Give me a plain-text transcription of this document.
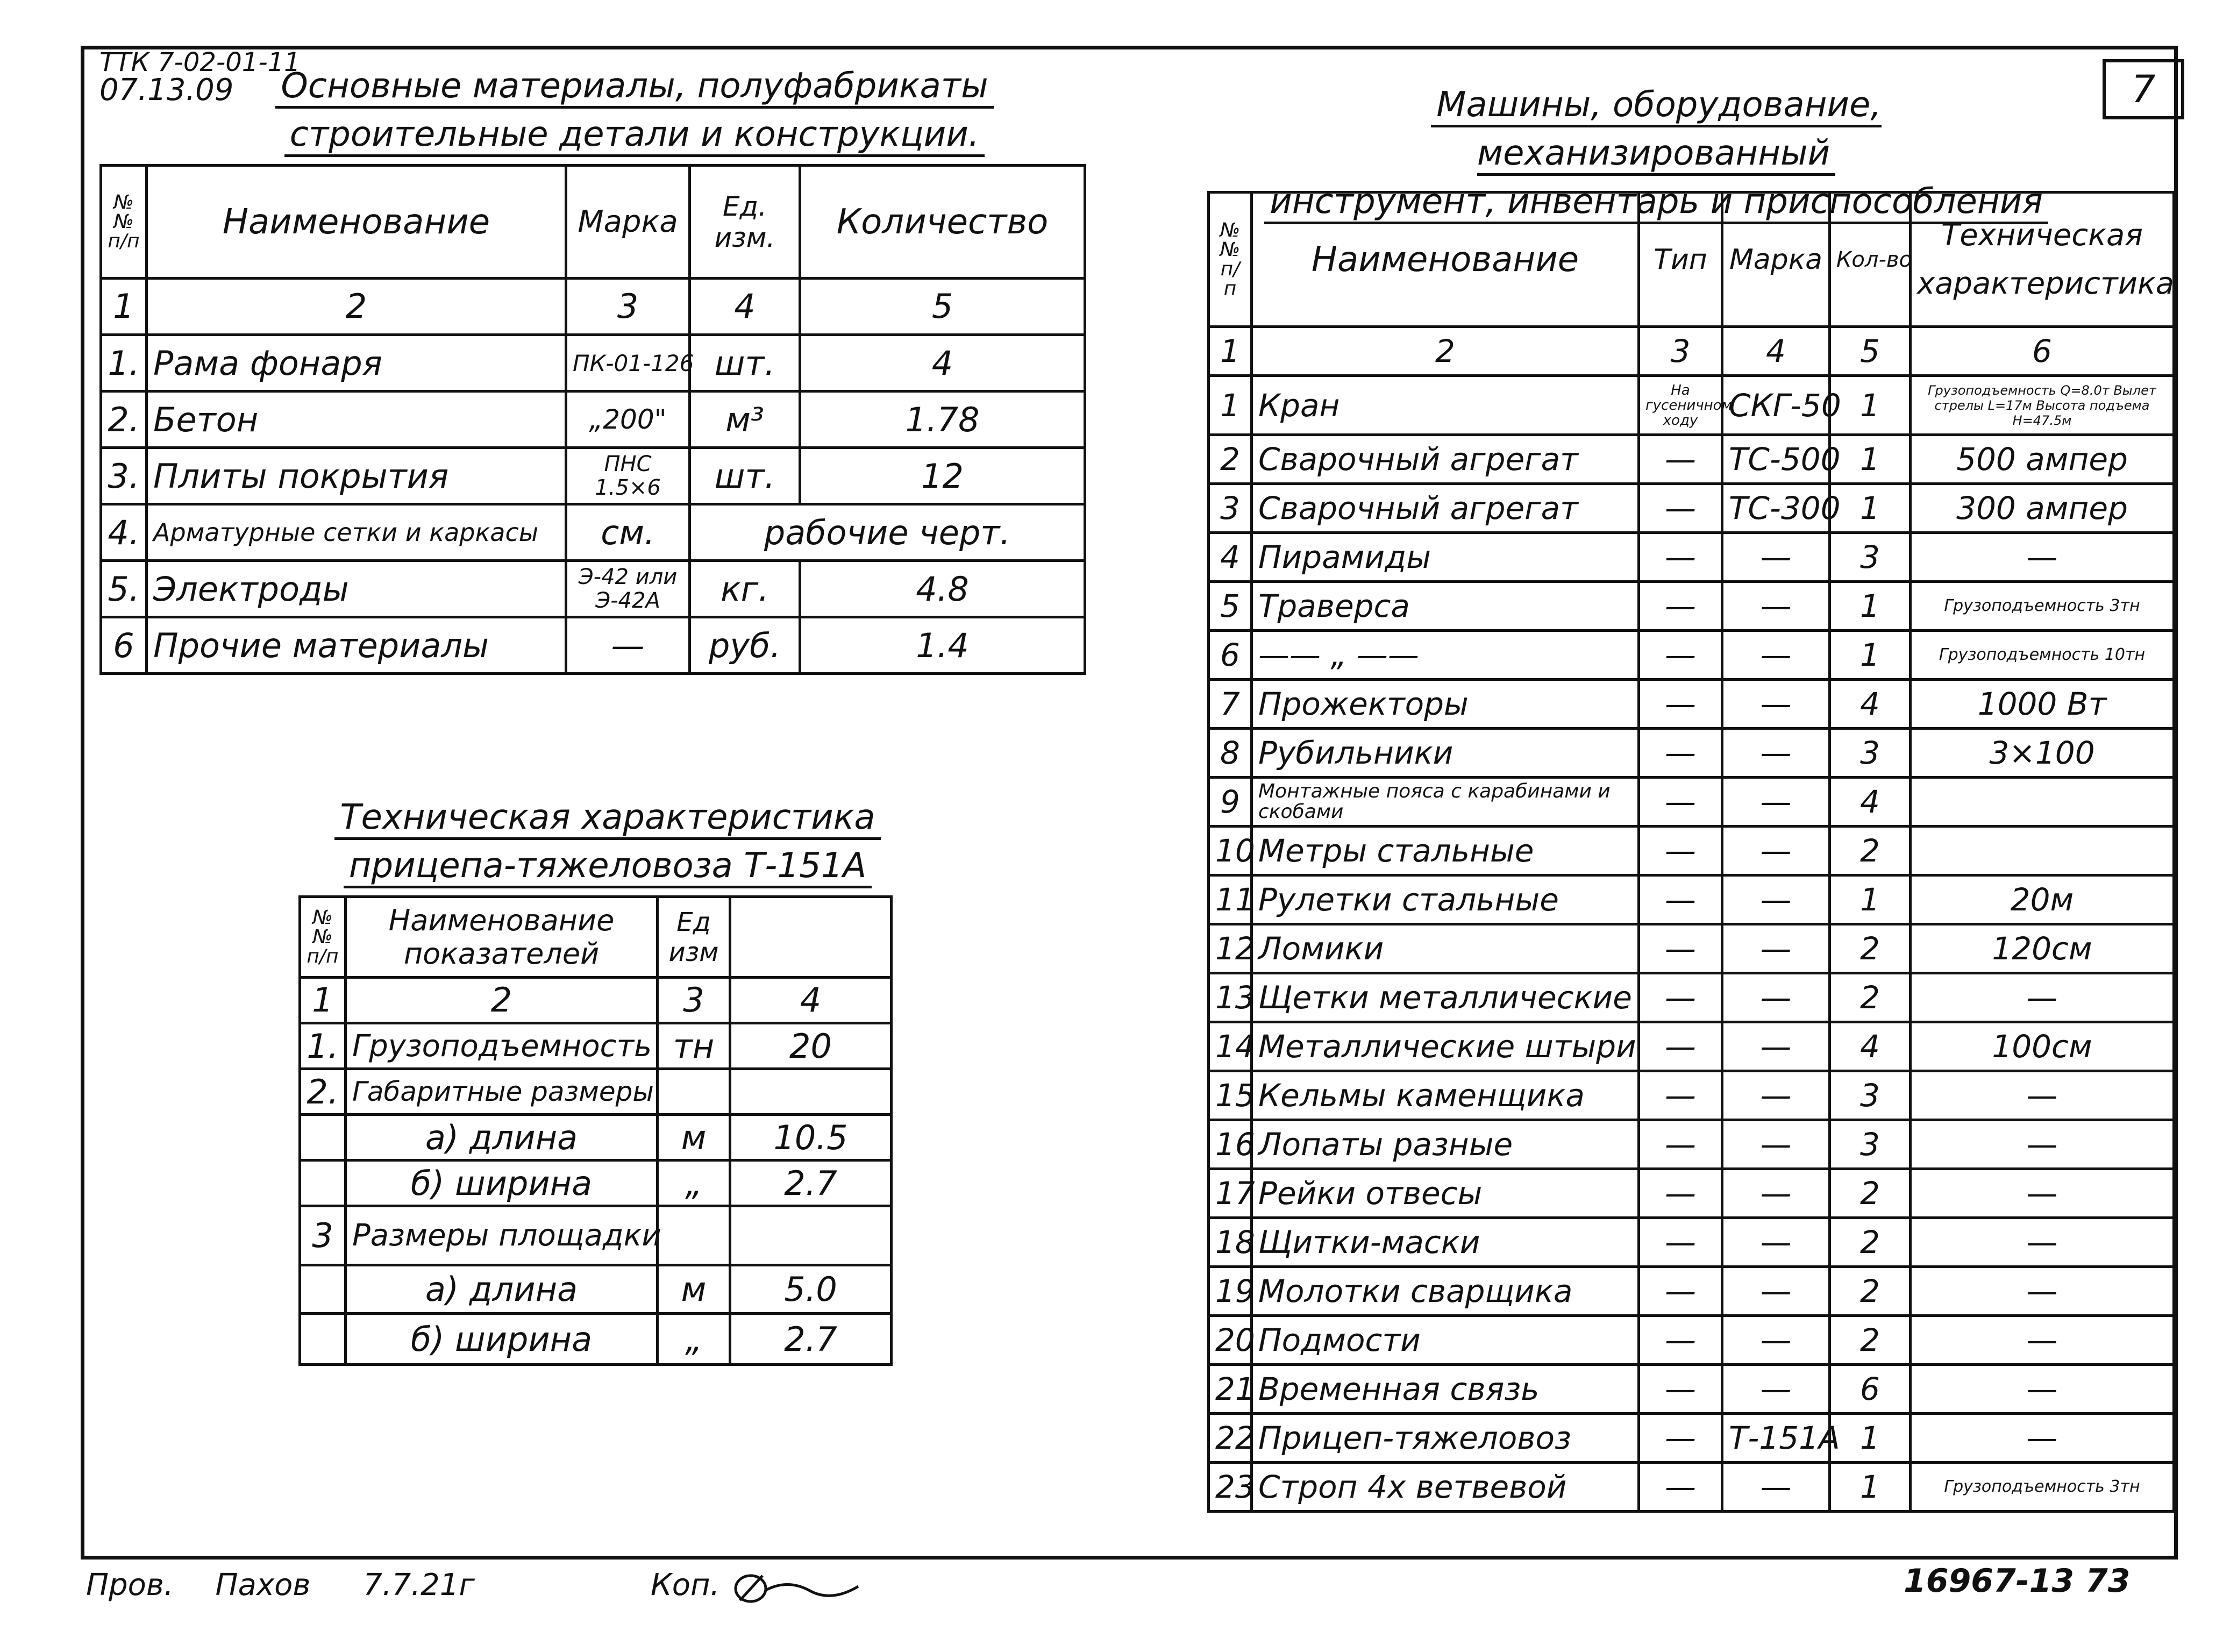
ТТК 7-02-01-11
07.13.09	Основные материалы, полуфабрикаты
строительные детали и конструкции.
Машины, оборудование, механизированный
инструмент, инвентарь и приспособления
7
№№ п/п	Наименование	Марка	Ед. изм.	Количество
1	2	3	4	5
1.	Рама фонаря	ПК-01-126	шт.	4
2.	Бетон	„200"	м³	1.78
3.	Плиты покрытия	ПНС 1.5×6	шт.	12
4.	Арматурные сетки и каркасы	см.	рабочие черт.	
5.	Электроды	Э-42 или Э-42А	кг.	4.8
6	Прочие материалы	—	руб.	1.4
Техническая характеристика
прицепа-тяжеловоза Т-151А
№№ п/п	Наименование показателей	Ед изм	
1	2	3	4
1.	Грузоподъемность	тн	20
2.	Габаритные размеры		
	а) длина	м	10.5
	б) ширина	„	2.7
3	Размеры площадки		
	а) длина	м	5.0
	б) ширина	„	2.7
№№ п/п	Наименование	Тип	Марка	Кол-во	Техническая характеристика
1	2	3	4	5	6
1	Кран	На гусеничном ходу	СКГ-50	1	Грузоподъемность Q=8.0т Вылет стрелы L=17м Высота подъема H=47.5м
2	Сварочный агрегат	—	ТС-500	1	500 ампер
3	Сварочный агрегат	—	ТС-300	1	300 ампер
4	Пирамиды	—	—	3	—
5	Траверса	—	—	1	Грузоподъемность 3тн
6	—— „ ——	—	—	1	Грузоподъемность 10тн
7	Прожекторы	—	—	4	1000 Вт
8	Рубильники	—	—	3	3×100
9	Монтажные пояса с карабинами и скобами	—	—	4	
10	Метры стальные	—	—	2	
11	Рулетки стальные	—	—	1	20м
12	Ломики	—	—	2	120см
13	Щетки металлические	—	—	2	—
14	Металлические штыри	—	—	4	100см
15	Кельмы каменщика	—	—	3	—
16	Лопаты разные	—	—	3	—
17	Рейки отвесы	—	—	2	—
18	Щитки-маски	—	—	2	—
19	Молотки сварщика	—	—	2	—
20	Подмости	—	—	2	—
21	Временная связь	—	—	6	—
22	Прицеп-тяжеловоз	—	Т-151А	1	—
23	Строп 4х ветвевой	—	—	1	Грузоподъемность 3тн
Пров. Пахов 7.7.21г	Коп.	16967-13 73
